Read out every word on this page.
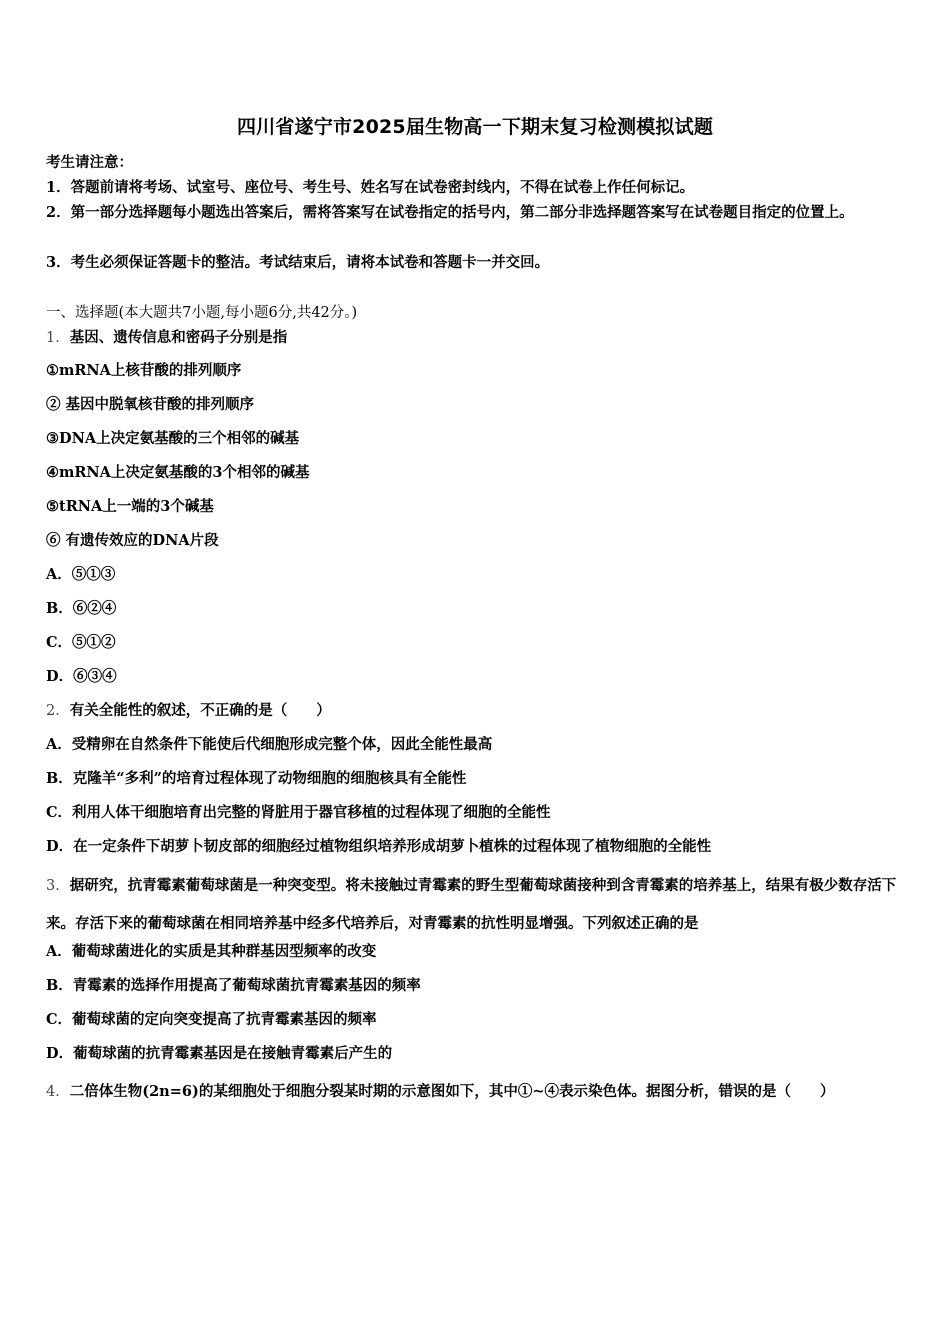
四川省遂宁市2025届生物高一下期末复习检测模拟试题
考生请注意：
1．答题前请将考场、试室号、座位号、考生号、姓名写在试卷密封线内，不得在试卷上作任何标记。
2．第一部分选择题每小题选出答案后，需将答案写在试卷指定的括号内，第二部分非选择题答案写在试卷题目指定的位置上。
3．考生必须保证答题卡的整洁。考试结束后，请将本试卷和答题卡一并交回。
一、选择题(本大题共7小题,每小题6分,共42分。)
1．基因、遗传信息和密码子分别是指
①mRNA上核苷酸的排列顺序
② 基因中脱氧核苷酸的排列顺序
③DNA上决定氨基酸的三个相邻的碱基
④mRNA上决定氨基酸的3个相邻的碱基
⑤tRNA上一端的3个碱基
⑥ 有遗传效应的DNA片段
A．⑤①③
B．⑥②④
C．⑤①②
D．⑥③④
2．有关全能性的叙述，不正确的是（　　）
A．受精卵在自然条件下能使后代细胞形成完整个体，因此全能性最高
B．克隆羊“多利”的培育过程体现了动物细胞的细胞核具有全能性
C．利用人体干细胞培育出完整的肾脏用于器官移植的过程体现了细胞的全能性
D．在一定条件下胡萝卜韧皮部的细胞经过植物组织培养形成胡萝卜植株的过程体现了植物细胞的全能性
3．据研究，抗青霉素葡萄球菌是一种突变型。将未接触过青霉素的野生型葡萄球菌接种到含青霉素的培养基上，结果有极少数存活下来。存活下来的葡萄球菌在相同培养基中经多代培养后，对青霉素的抗性明显增强。下列叙述正确的是
A．葡萄球菌进化的实质是其种群基因型频率的改变
B．青霉素的选择作用提高了葡萄球菌抗青霉素基因的频率
C．葡萄球菌的定向突变提高了抗青霉素基因的频率
D．葡萄球菌的抗青霉素基因是在接触青霉素后产生的
4．二倍体生物(2n=6)的某细胞处于细胞分裂某时期的示意图如下，其中①~④表示染色体。据图分析，错误的是（　　）
